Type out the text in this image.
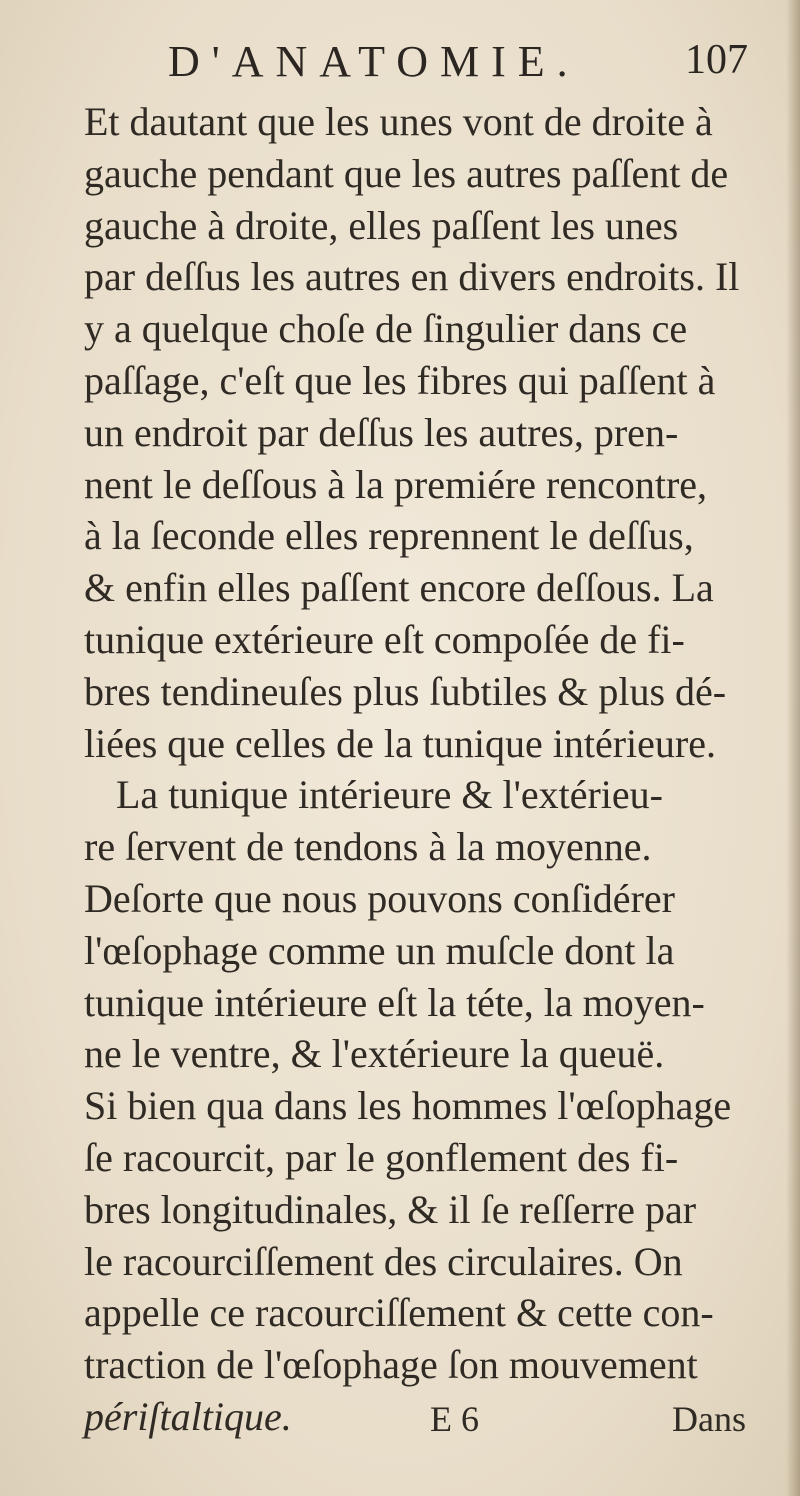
D'ANATOMIE.	107
Et dautant que les unes vont de droite à
gauche pendant que les autres paſſent de
gauche à droite, elles paſſent les unes
par deſſus les autres en divers endroits. Il
y a quelque choſe de ſingulier dans ce
paſſage, c'eſt que les fibres qui paſſent à
un endroit par deſſus les autres, pren-
nent le deſſous à la premiére rencontre,
à la ſeconde elles reprennent le deſſus,
& enfin elles paſſent encore deſſous. La
tunique extérieure eſt compoſée de fi-
bres tendineuſes plus ſubtiles & plus dé-
liées que celles de la tunique intérieure.
La tunique intérieure & l'extérieu-
re ſervent de tendons à la moyenne.
Deſorte que nous pouvons conſidérer
l'œſophage comme un muſcle dont la
tunique intérieure eſt la téte, la moyen-
ne le ventre, & l'extérieure la queuë.
Si bien qua dans les hommes l'œſophage
ſe racourcit, par le gonflement des fi-
bres longitudinales, & il ſe reſſerre par
le racourciſſement des circulaires. On
appelle ce racourciſſement & cette con-
traction de l'œſophage ſon mouvement
périſtaltique.	E 6	Dans
